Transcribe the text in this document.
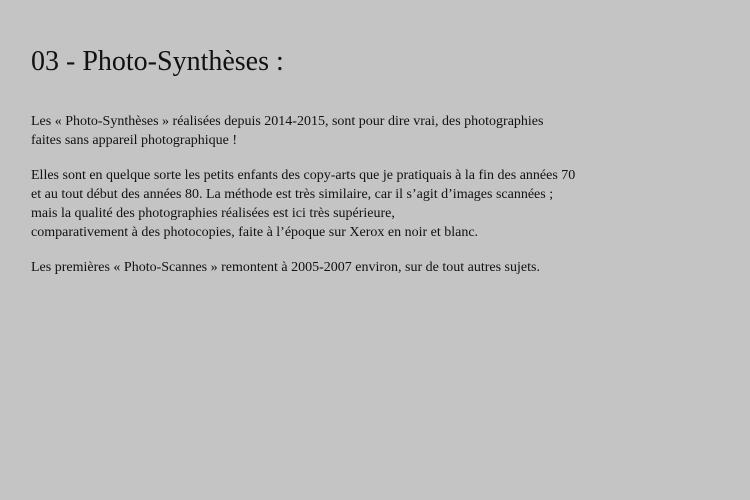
03 - Photo-Synthèses :

Les « Photo-Synthèses » réalisées depuis 2014-2015, sont pour dire vrai, des photographies
faites sans appareil photographique !

Elles sont en quelque sorte les petits enfants des copy-arts que je pratiquais à la fin des années 70
et au tout début des années 80. La méthode est très similaire, car il s’agit d’images scannées ;
mais la qualité des photographies réalisées est ici très supérieure,
comparativement à des photocopies, faite à l’époque sur Xerox en noir et blanc.

Les premières « Photo-Scannes » remontent à 2005-2007 environ, sur de tout autres sujets.
